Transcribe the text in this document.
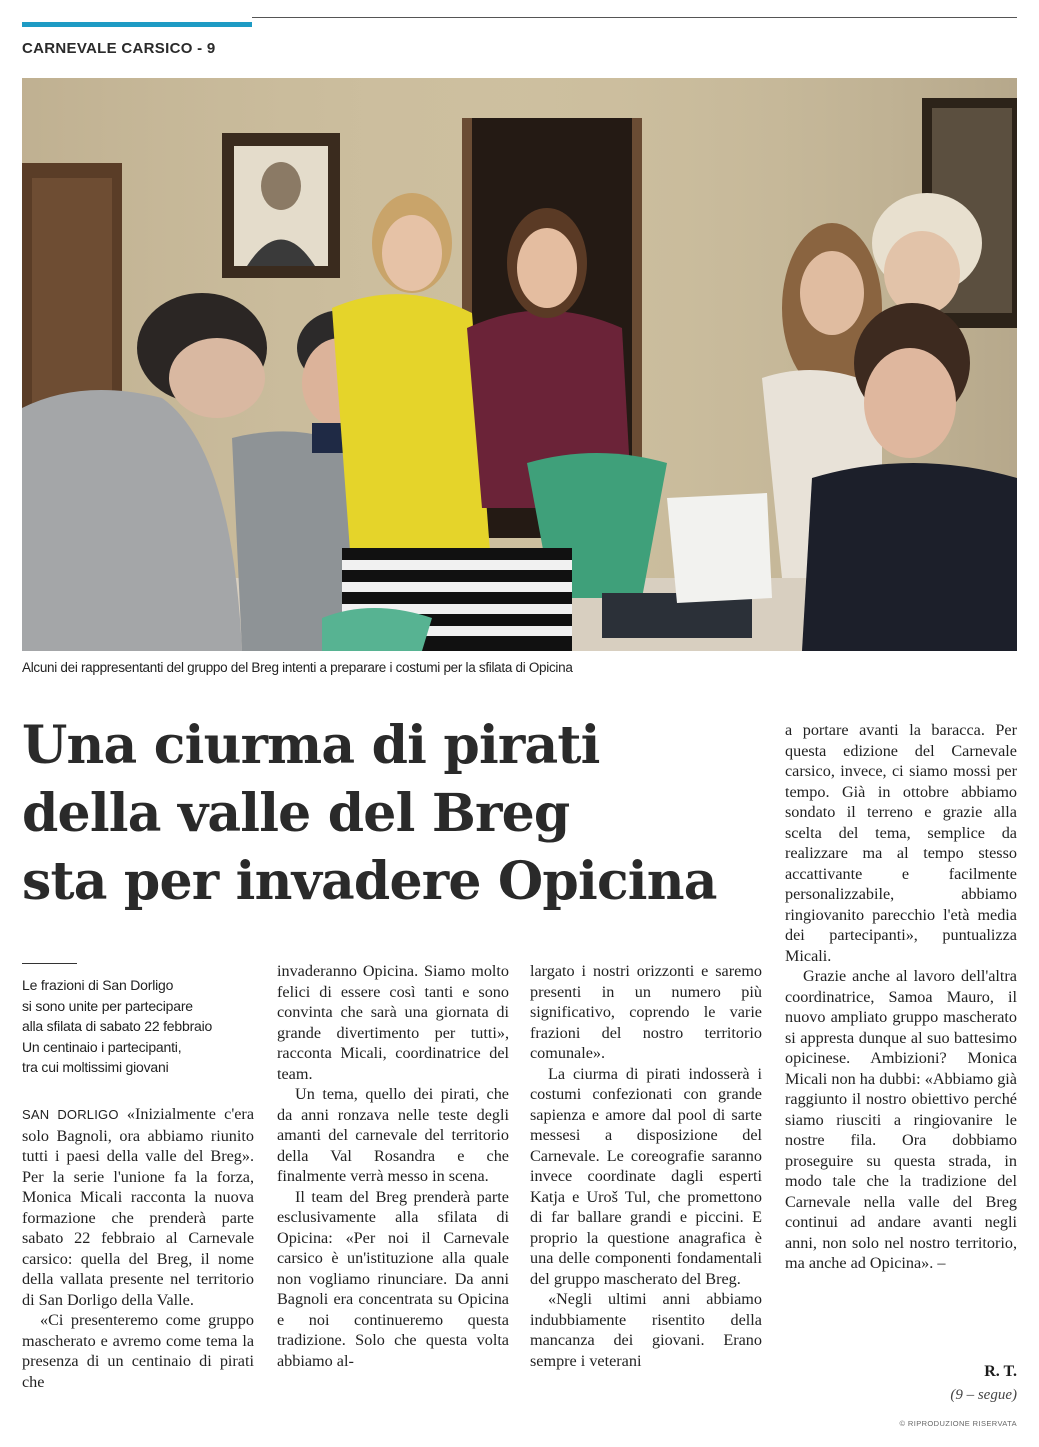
CARNEVALE CARSICO - 9
Alcuni dei rappresentanti del gruppo del Breg intenti a preparare i costumi per la sfilata di Opicina
Una ciurma di pirati
della valle del Breg
sta per invadere Opicina
Le frazioni di San Dorligo
si sono unite per partecipare
alla sfilata di sabato 22 febbraio
Un centinaio i partecipanti,
tra cui moltissimi giovani

SAN DORLIGO «Inizialmente c'era solo Bagnoli, ora abbiamo riunito tutti i paesi della valle del Breg». Per la serie l'unione fa la forza, Monica Micali racconta la nuova formazione che prenderà parte sabato 22 febbraio al Carnevale carsico: quella del Breg, il nome della vallata presente nel territorio di San Dorligo della Valle.

«Ci presenteremo come gruppo mascherato e avremo come tema la presenza di un centinaio di pirati che

invaderanno Opicina. Siamo molto felici di essere così tanti e sono convinta che sarà una giornata di grande divertimento per tutti», racconta Micali, coordinatrice del team.

Un tema, quello dei pirati, che da anni ronzava nelle teste degli amanti del carnevale del territorio della Val Rosandra e che finalmente verrà messo in scena.

Il team del Breg prenderà parte esclusivamente alla sfilata di Opicina: «Per noi il Carnevale carsico è un'istituzione alla quale non vogliamo rinunciare. Da anni Bagnoli era concentrata su Opicina e noi continueremo questa tradizione. Solo che questa volta abbiamo al-

largato i nostri orizzonti e saremo presenti in un numero più significativo, coprendo le varie frazioni del nostro territorio comunale».

La ciurma di pirati indosserà i costumi confezionati con grande sapienza e amore dal pool di sarte messesi a disposizione del Carnevale. Le coreografie saranno invece coordinate dagli esperti Katja e Uroš Tul, che promettono di far ballare grandi e piccini. E proprio la questione anagrafica è una delle componenti fondamentali del gruppo mascherato del Breg.

«Negli ultimi anni abbiamo indubbiamente risentito della mancanza dei giovani. Erano sempre i veterani

a portare avanti la baracca. Per questa edizione del Carnevale carsico, invece, ci siamo mossi per tempo. Già in ottobre abbiamo sondato il terreno e grazie alla scelta del tema, semplice da realizzare ma al tempo stesso accattivante e facilmente personalizzabile, abbiamo ringiovanito parecchio l'età media dei partecipanti», puntualizza Micali.

Grazie anche al lavoro dell'altra coordinatrice, Samoa Mauro, il nuovo ampliato gruppo mascherato si appresta dunque al suo battesimo opicinese. Ambizioni? Monica Micali non ha dubbi: «Abbiamo già raggiunto il nostro obiettivo perché siamo riusciti a ringiovanire le nostre fila. Ora dobbiamo proseguire su questa strada, in modo tale che la tradizione del Carnevale nella valle del Breg continui ad andare avanti negli anni, non solo nel nostro territorio, ma anche ad Opicina». –

R. T.
(9 – segue)
© RIPRODUZIONE RISERVATA
